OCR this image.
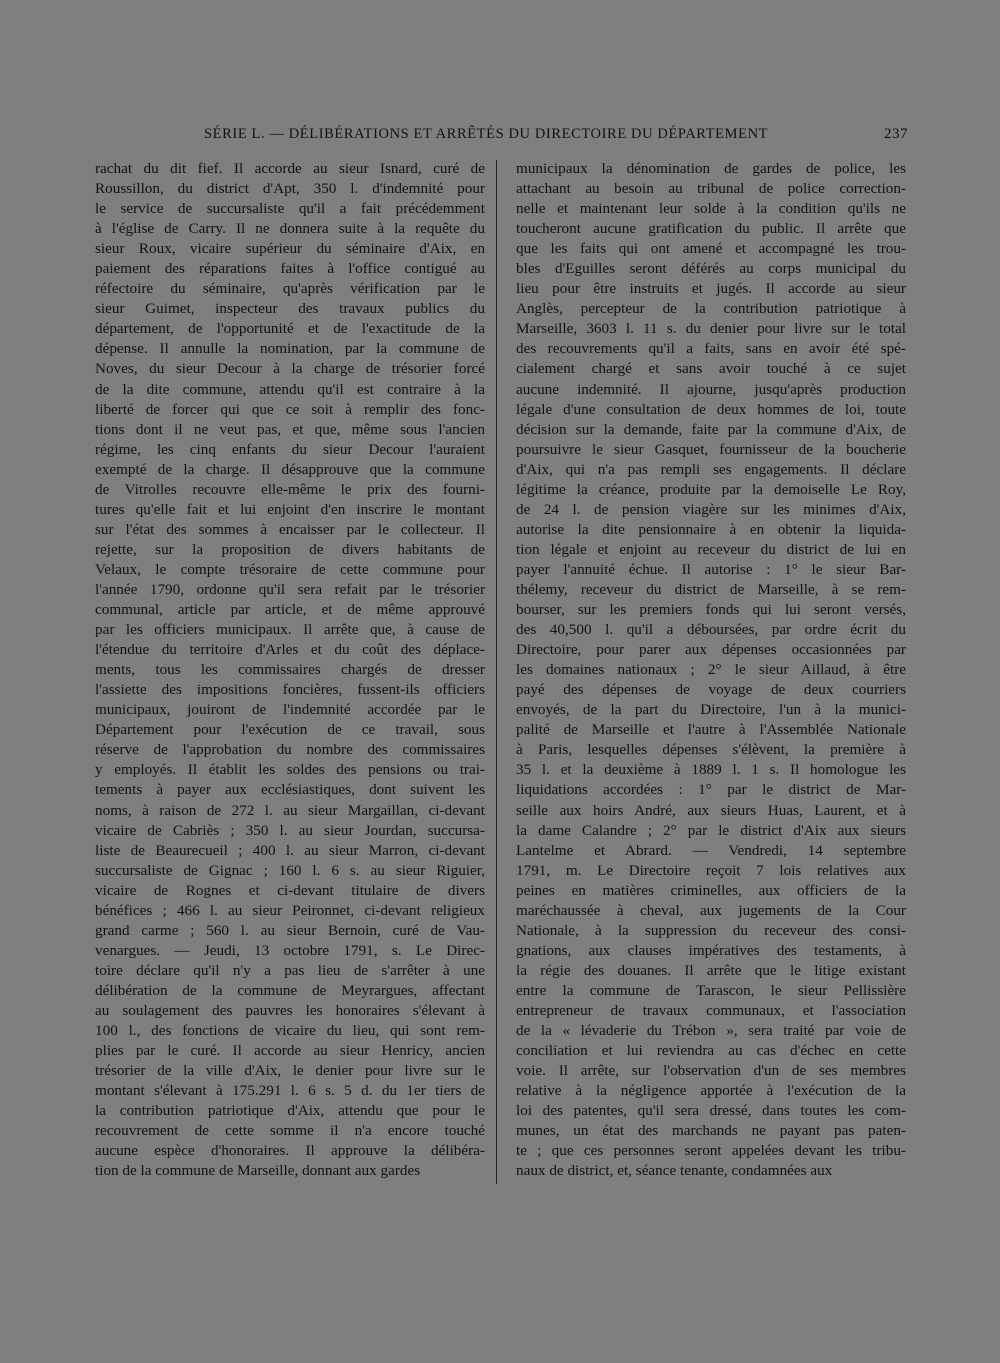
SÉRIE L. — DÉLIBÉRATIONS ET ARRÊTÉS DU DIRECTOIRE DU DÉPARTEMENT	237
rachat du dit fief. Il accorde au sieur Isnard, curé de
Roussillon, du district d'Apt, 350 l. d'indemnité pour
le service de succursaliste qu'il a fait précédemment
à l'église de Carry. Il ne donnera suite à la requête du
sieur Roux, vicaire supérieur du séminaire d'Aix, en
paiement des réparations faites à l'office contigué au
réfectoire du séminaire, qu'après vérification par le
sieur Guimet, inspecteur des travaux publics du
département, de l'opportunité et de l'exactitude de la
dépense. Il annulle la nomination, par la commune de
Noves, du sieur Decour à la charge de trésorier forcé
de la dite commune, attendu qu'il est contraire à la
liberté de forcer qui que ce soit à remplir des fonc-
tions dont il ne veut pas, et que, même sous l'ancien
régime, les cinq enfants du sieur Decour l'auraient
exempté de la charge. Il désapprouve que la commune
de Vitrolles recouvre elle-même le prix des fourni-
tures qu'elle fait et lui enjoint d'en inscrire le montant
sur l'état des sommes à encaisser par le collecteur. Il
rejette, sur la proposition de divers habitants de
Velaux, le compte trésoraire de cette commune pour
l'année 1790, ordonne qu'il sera refait par le trésorier
communal, article par article, et de même approuvé
par les officiers municipaux. Il arrête que, à cause de
l'étendue du territoire d'Arles et du coût des déplace-
ments, tous les commissaires chargés de dresser
l'assiette des impositions foncières, fussent-ils officiers
municipaux, jouiront de l'indemnité accordée par le
Département pour l'exécution de ce travail, sous
réserve de l'approbation du nombre des commissaires
y employés. Il établit les soldes des pensions ou trai-
tements à payer aux ecclésiastiques, dont suivent les
noms, à raison de 272 l. au sieur Margaillan, ci-devant
vicaire de Cabriès ; 350 l. au sieur Jourdan, succursa-
liste de Beaurecueil ; 400 l. au sieur Marron, ci-devant
succursaliste de Gignac ; 160 l. 6 s. au sieur Riguier,
vicaire de Rognes et ci-devant titulaire de divers
bénéfices ; 466 l. au sieur Peironnet, ci-devant religieux
grand carme ; 560 l. au sieur Bernoin, curé de Vau-
venargues. — Jeudi, 13 octobre 1791, s. Le Direc-
toire déclare qu'il n'y a pas lieu de s'arrêter à une
délibération de la commune de Meyrargues, affectant
au soulagement des pauvres les honoraires s'élevant à
100 l., des fonctions de vicaire du lieu, qui sont rem-
plies par le curé. Il accorde au sieur Henricy, ancien
trésorier de la ville d'Aix, le denier pour livre sur le
montant s'élevant à 175.291 l. 6 s. 5 d. du 1er tiers de
la contribution patriotique d'Aix, attendu que pour le
recouvrement de cette somme il n'a encore touché
aucune espèce d'honoraires. Il approuve la délibéra-
tion de la commune de Marseille, donnant aux gardes
municipaux la dénomination de gardes de police, les
attachant au besoin au tribunal de police correction-
nelle et maintenant leur solde à la condition qu'ils ne
toucheront aucune gratification du public. Il arrête que
que les faits qui ont amené et accompagné les trou-
bles d'Eguilles seront déférés au corps municipal du
lieu pour être instruits et jugés. Il accorde au sieur
Anglès, percepteur de la contribution patriotique à
Marseille, 3603 l. 11 s. du denier pour livre sur le total
des recouvrements qu'il a faits, sans en avoir été spé-
cialement chargé et sans avoir touché à ce sujet
aucune indemnité. Il ajourne, jusqu'après production
légale d'une consultation de deux hommes de loi, toute
décision sur la demande, faite par la commune d'Aix, de
poursuivre le sieur Gasquet, fournisseur de la boucherie
d'Aix, qui n'a pas rempli ses engagements. Il déclare
légitime la créance, produite par la demoiselle Le Roy,
de 24 l. de pension viagère sur les minimes d'Aix,
autorise la dite pensionnaire à en obtenir la liquida-
tion légale et enjoint au receveur du district de lui en
payer l'annuité échue. Il autorise : 1° le sieur Bar-
thélemy, receveur du district de Marseille, à se rem-
bourser, sur les premiers fonds qui lui seront versés,
des 40,500 l. qu'il a déboursées, par ordre écrit du
Directoire, pour parer aux dépenses occasionnées par
les domaines nationaux ; 2° le sieur Aillaud, à être
payé des dépenses de voyage de deux courriers
envoyés, de la part du Directoire, l'un à la munici-
palité de Marseille et l'autre à l'Assemblée Nationale
à Paris, lesquelles dépenses s'élèvent, la première à
35 l. et la deuxième à 1889 l. 1 s. Il homologue les
liquidations accordées : 1° par le district de Mar-
seille aux hoirs André, aux sieurs Huas, Laurent, et à
la dame Calandre ; 2° par le district d'Aix aux sieurs
Lantelme et Abrard. — Vendredi, 14 septembre
1791, m. Le Directoire reçoit 7 lois relatives aux
peines en matières criminelles, aux officiers de la
maréchaussée à cheval, aux jugements de la Cour
Nationale, à la suppression du receveur des consi-
gnations, aux clauses impératives des testaments, à
la régie des douanes. Il arrête que le litige existant
entre la commune de Tarascon, le sieur Pellissière
entrepreneur de travaux communaux, et l'association
de la « lévaderie du Trébon », sera traité par voie de
conciliation et lui reviendra au cas d'échec en cette
voie. Il arrête, sur l'observation d'un de ses membres
relative à la négligence apportée à l'exécution de la
loi des patentes, qu'il sera dressé, dans toutes les com-
munes, un état des marchands ne payant pas paten-
te ; que ces personnes seront appelées devant les tribu-
naux de district, et, séance tenante, condamnées aux
